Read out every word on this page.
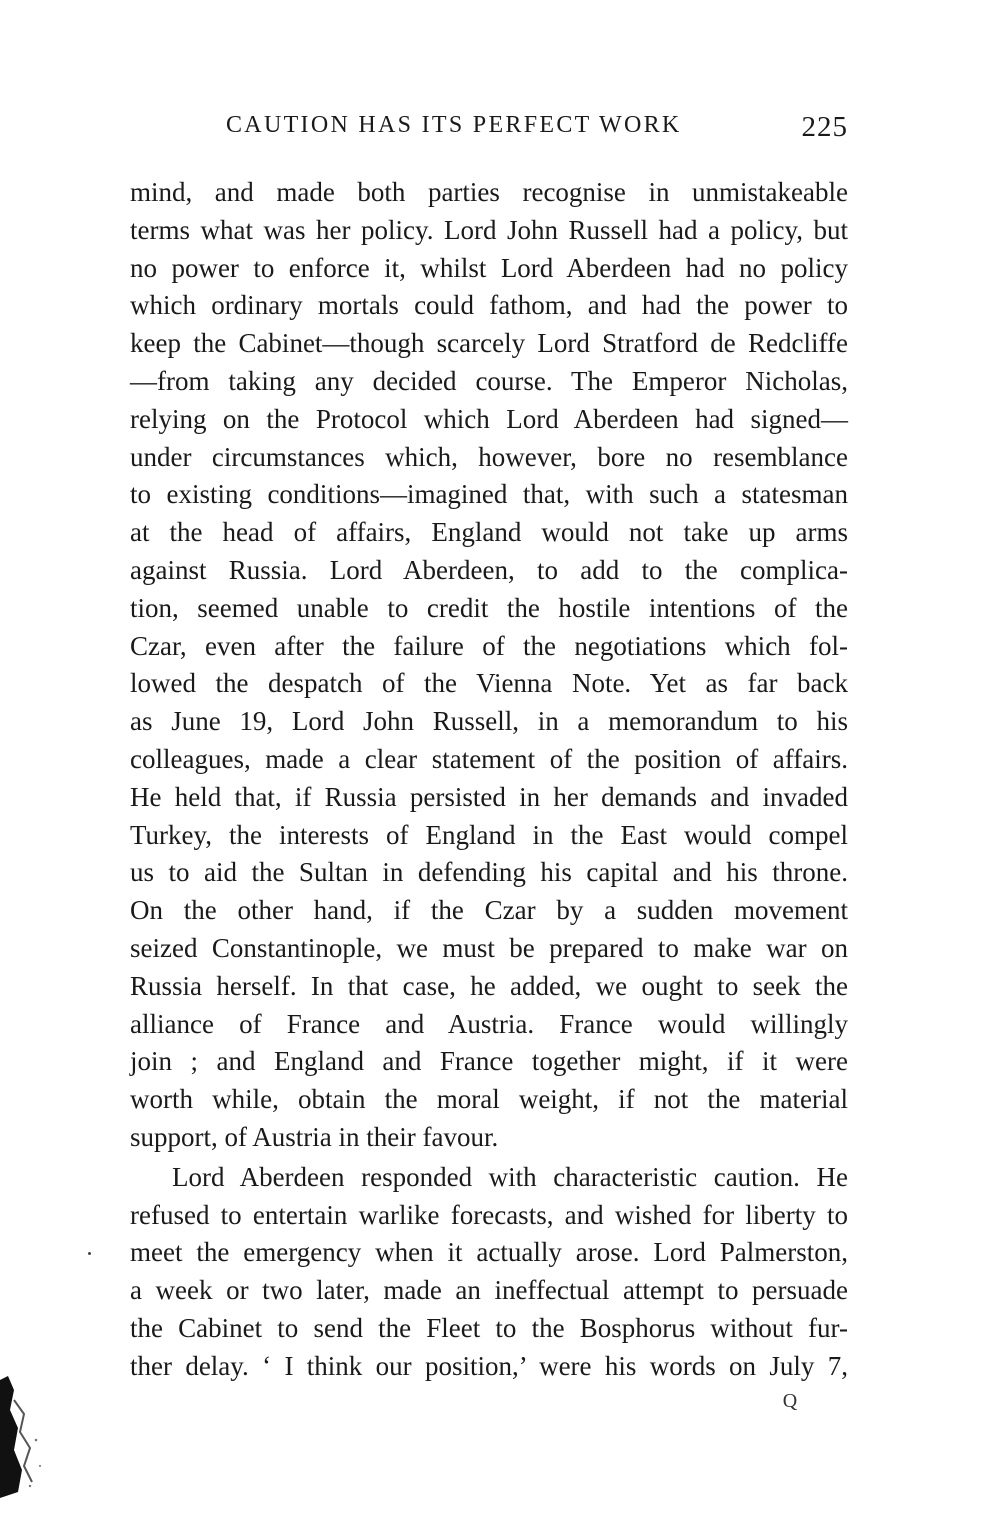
CAUTION HAS ITS PERFECT WORK	225
mind, and made both parties recognise in unmistakeable
terms what was her policy. Lord John Russell had a policy, but
no power to enforce it, whilst Lord Aberdeen had no policy
which ordinary mortals could fathom, and had the power to
keep the Cabinet—though scarcely Lord Stratford de Redcliffe
—from taking any decided course. The Emperor Nicholas,
relying on the Protocol which Lord Aberdeen had signed—
under circumstances which, however, bore no resemblance
to existing conditions—imagined that, with such a statesman
at the head of affairs, England would not take up arms
against Russia. Lord Aberdeen, to add to the complica-
tion, seemed unable to credit the hostile intentions of the
Czar, even after the failure of the negotiations which fol-
lowed the despatch of the Vienna Note. Yet as far back
as June 19, Lord John Russell, in a memorandum to his
colleagues, made a clear statement of the position of affairs.
He held that, if Russia persisted in her demands and invaded
Turkey, the interests of England in the East would compel
us to aid the Sultan in defending his capital and his throne.
On the other hand, if the Czar by a sudden movement
seized Constantinople, we must be prepared to make war on
Russia herself. In that case, he added, we ought to seek the
alliance of France and Austria. France would willingly
join ; and England and France together might, if it were
worth while, obtain the moral weight, if not the material
support, of Austria in their favour.
Lord Aberdeen responded with characteristic caution. He
refused to entertain warlike forecasts, and wished for liberty to
meet the emergency when it actually arose. Lord Palmerston,
a week or two later, made an ineffectual attempt to persuade
the Cabinet to send the Fleet to the Bosphorus without fur-
ther delay. ‘ I think our position,’ were his words on July 7,
Q
